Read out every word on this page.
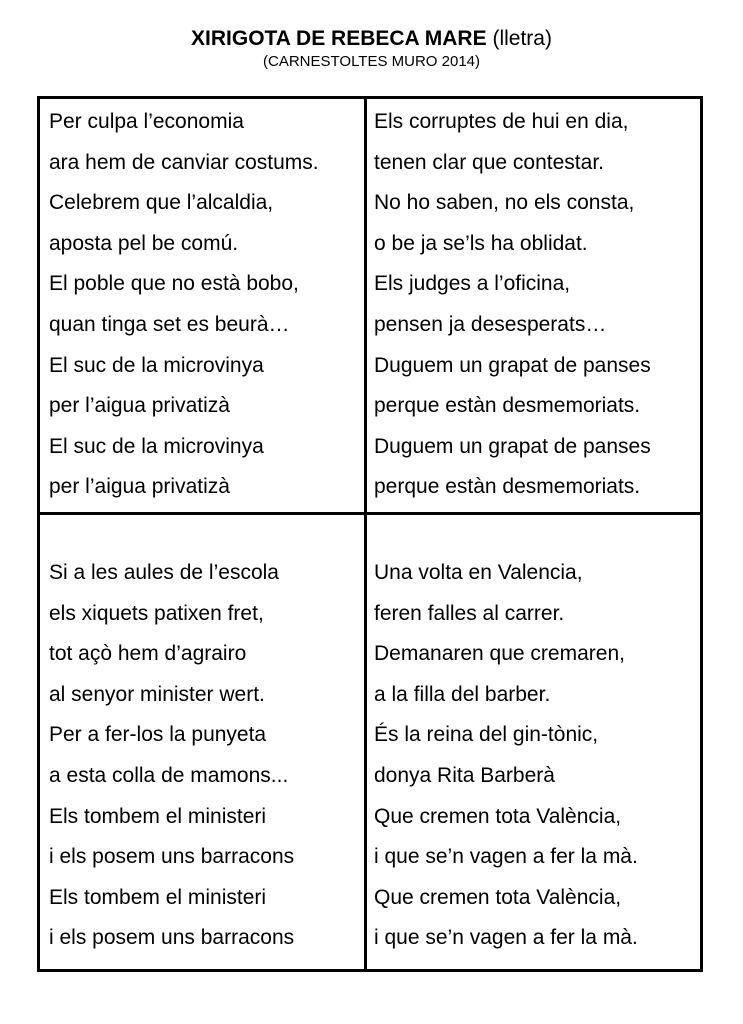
XIRIGOTA DE REBECA MARE (lletra)
(CARNESTOLTES MURO 2014)
Per culpa l’economia
ara hem de canviar costums.
Celebrem que l’alcaldia,
aposta pel be comú.
El poble que no està bobo,
quan tinga set es beurà…
El suc de la microvinya
per l’aigua privatizà
El suc de la microvinya
per l’aigua privatizà
Els corruptes de hui en dia,
tenen clar que contestar.
No ho saben, no els consta,
o be ja se’ls ha oblidat.
Els judges a l’oficina,
pensen ja desesperats…
Duguem un grapat de panses
perque estàn desmemoriats.
Duguem un grapat de panses
perque estàn desmemoriats.
Si a les aules de l’escola
els xiquets patixen fret,
tot açò hem d’agrairo
al senyor minister wert.
Per a fer-los la punyeta
a esta colla de mamons...
Els tombem el ministeri
i els posem uns barracons
Els tombem el ministeri
i els posem uns barracons
Una volta en Valencia,
feren falles al carrer.
Demanaren que cremaren,
a la filla del barber.
És la reina del gin-tònic,
donya Rita Barberà
Que cremen tota València,
i que se’n vagen a fer la mà.
Que cremen tota València,
i que se’n vagen a fer la mà.
